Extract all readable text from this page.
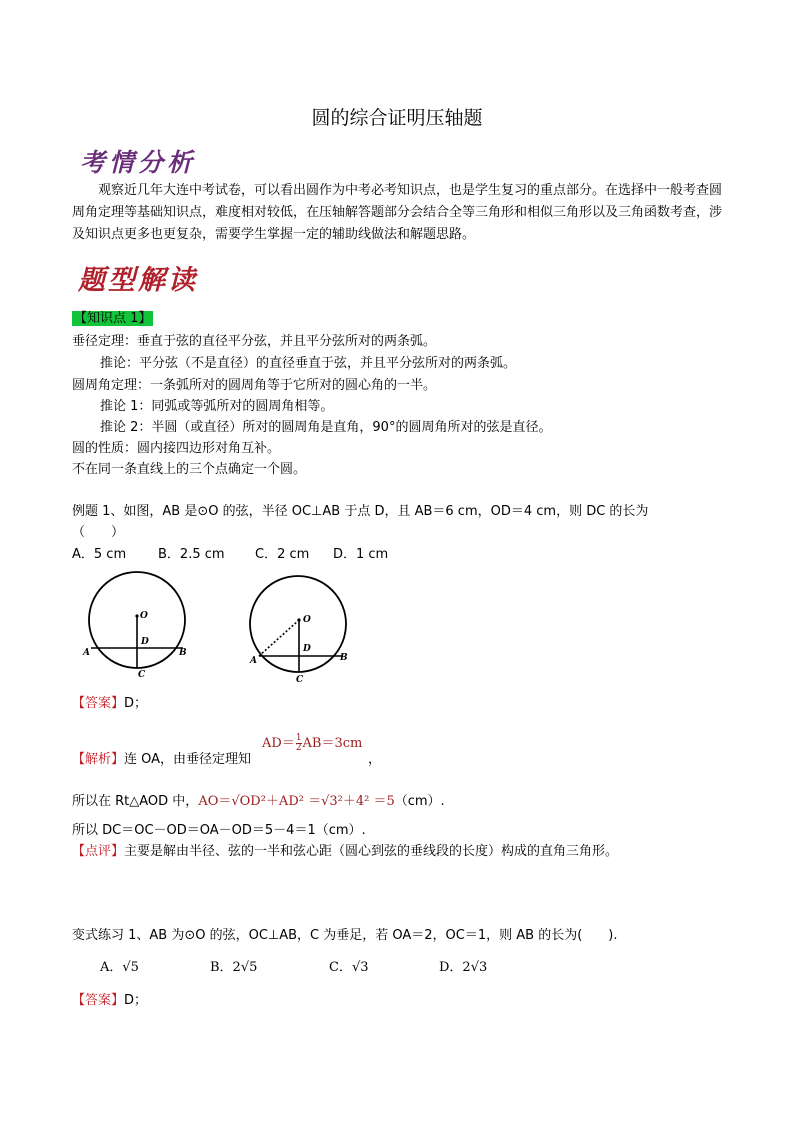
圆的综合证明压轴题
考情分析
观察近几年大连中考试卷，可以看出圆作为中考必考知识点，也是学生复习的重点部分。在选择中一般考查圆周角定理等基础知识点，难度相对较低，在压轴解答题部分会结合全等三角形和相似三角形以及三角函数考查，涉及知识点更多也更复杂，需要学生掌握一定的辅助线做法和解题思路。
题型解读
【知识点 1】
垂径定理：垂直于弦的直径平分弦，并且平分弦所对的两条弧。
推论：平分弦（不是直径）的直径垂直于弦，并且平分弦所对的两条弧。
圆周角定理：一条弧所对的圆周角等于它所对的圆心角的一半。
推论 1：同弧或等弧所对的圆周角相等。
推论 2：半圆（或直径）所对的圆周角是直角，90°的圆周角所对的弦是直径。
圆的性质：圆内接四边形对角互补。
不在同一条直线上的三个点确定一个圆。
例题 1、如图，AB 是⊙O 的弦，半径 OC⊥AB 于点 D，且 AB＝6 cm，OD＝4 cm，则 DC 的长为
（　　）
A．5 cm B．2.5 cm C．2 cm D．1 cm
O
D
A	B
C
O
D
A	B
C
【答案】D；
【解析】连 OA，由垂径定理知
$AD= \frac{1}{2} AB=3cm$
，
所以在 Rt△AOD 中，AO＝√OD²＋AD² ＝√3²＋4² ＝5（cm）.
所以 DC＝OC－OD＝OA－OD＝5－4＝1（cm）.
【点评】主要是解由半径、弦的一半和弦心距（圆心到弦的垂线段的长度）构成的直角三角形。
变式练习 1、AB 为⊙O 的弦，OC⊥AB，C 为垂足，若 OA＝2，OC＝1，则 AB 的长为(　　).
A．√5	B．2√5	C．√3	D．2√3
【答案】D；
